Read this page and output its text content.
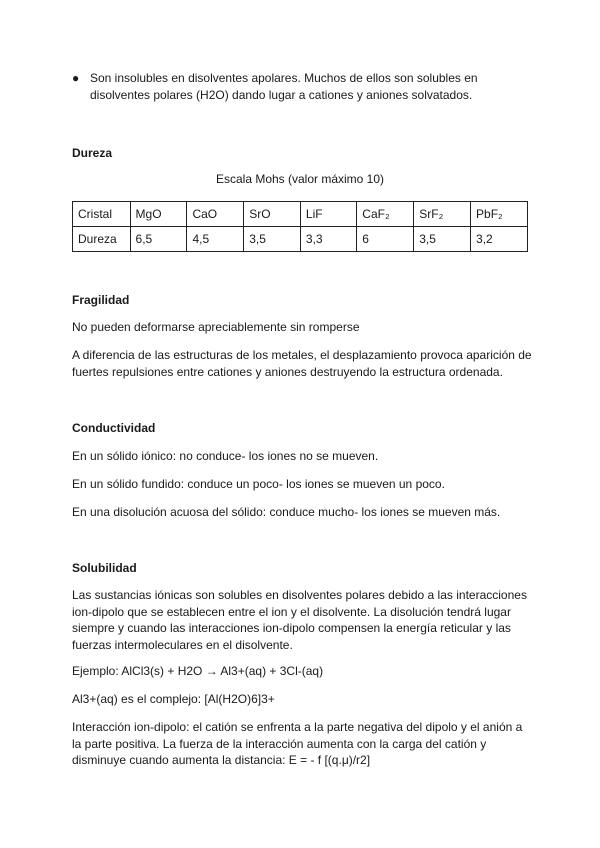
● Son insolubles en disolventes apolares. Muchos de ellos son solubles en disolventes polares (H2O) dando lugar a cationes y aniones solvatados.
Dureza
Escala Mohs (valor máximo 10)
Cristal	MgO	CaO	SrO	LiF	CaF₂	SrF₂	PbF₂
Dureza	6,5	4,5	3,5	3,3	6	3,5	3,2
Fragilidad

No pueden deformarse apreciablemente sin romperse

A diferencia de las estructuras de los metales, el desplazamiento provoca aparición de fuertes repulsiones entre cationes y aniones destruyendo la estructura ordenada.

Conductividad

En un sólido iónico: no conduce- los iones no se mueven.

En un sólido fundido: conduce un poco- los iones se mueven un poco.

En una disolución acuosa del sólido: conduce mucho- los iones se mueven más.

Solubilidad

Las sustancias iónicas son solubles en disolventes polares debido a las interacciones ion-dipolo que se establecen entre el ion y el disolvente. La disolución tendrá lugar siempre y cuando las interacciones ion-dipolo compensen la energía reticular y las fuerzas intermoleculares en el disolvente.

Ejemplo: AlCl3(s) + H2O → Al3+(aq) + 3Cl-(aq)

Al3+(aq) es el complejo: [Al(H2O)6]3+

Interacción ion-dipolo: el catión se enfrenta a la parte negativa del dipolo y el anión a la parte positiva. La fuerza de la interacción aumenta con la carga del catión y disminuye cuando aumenta la distancia: E = - f [(q.μ)/r2]
